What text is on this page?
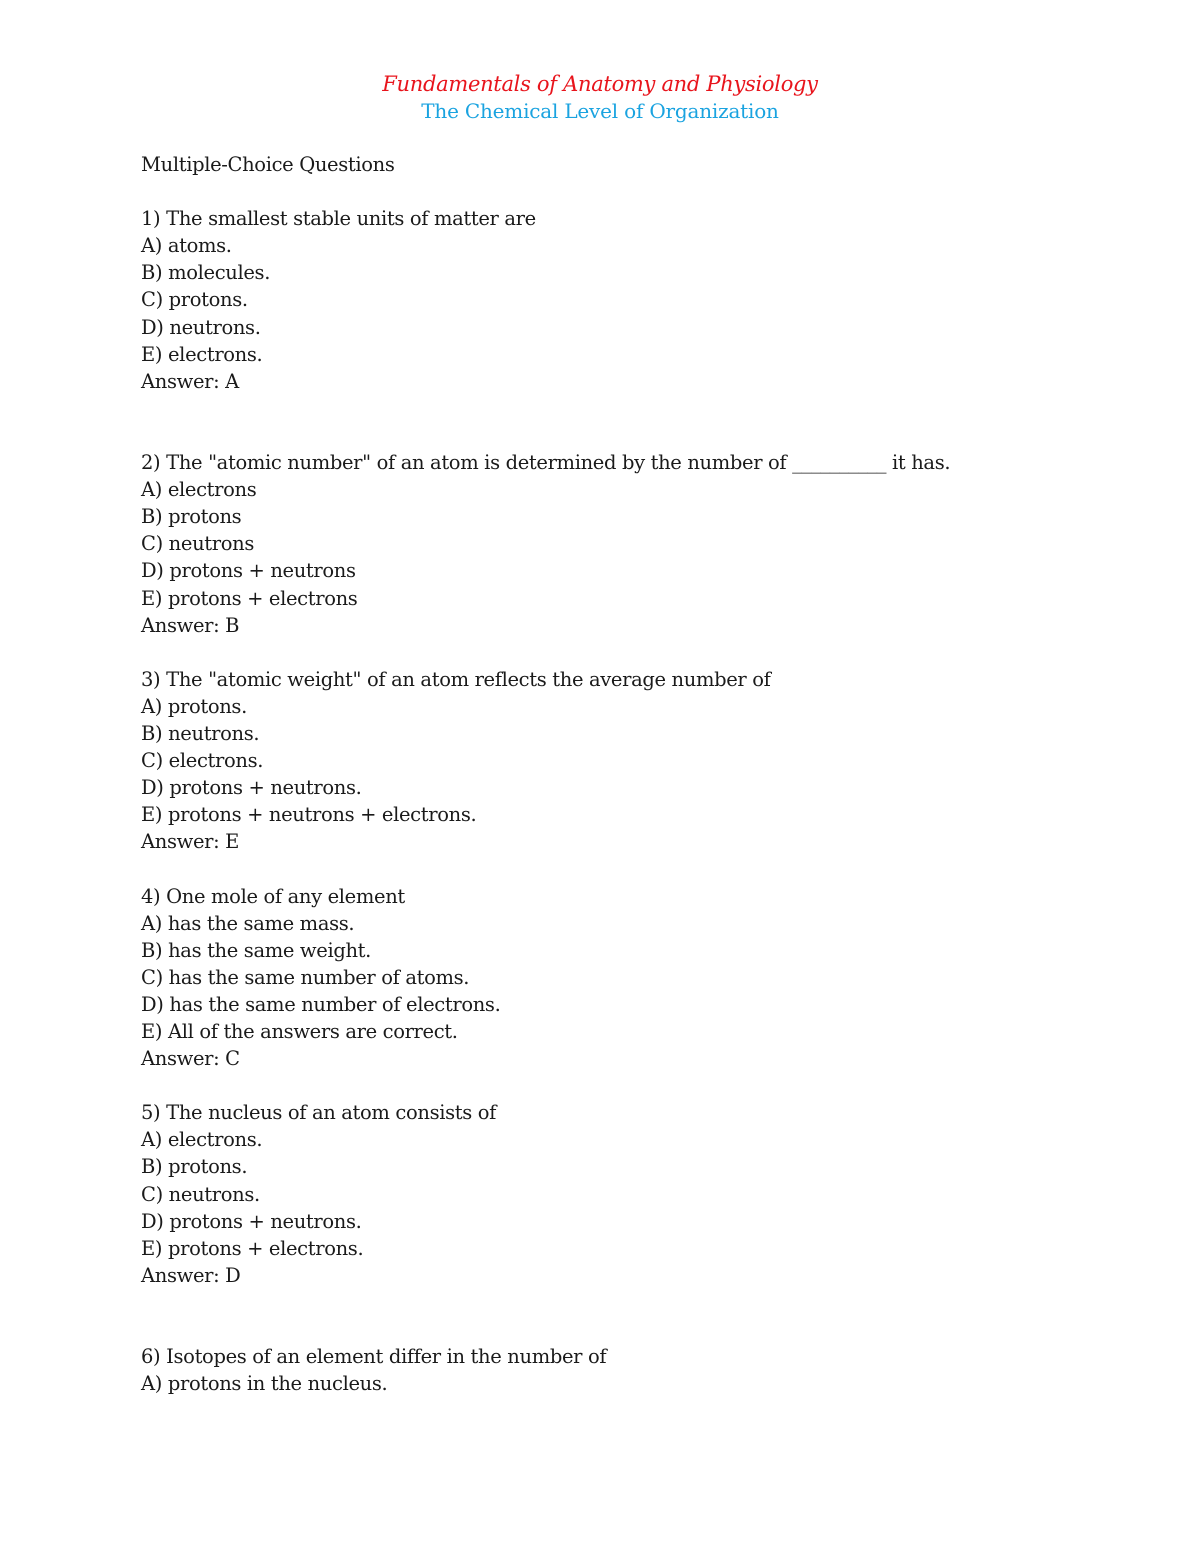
Fundamentals of Anatomy and Physiology
The Chemical Level of Organization
Multiple-Choice Questions
1) The smallest stable units of matter are
A) atoms.
B) molecules.
C) protons.
D) neutrons.
E) electrons.
Answer: A
2) The "atomic number" of an atom is determined by the number of __________ it has.
A) electrons
B) protons
C) neutrons
D) protons + neutrons
E) protons + electrons
Answer: B
3) The "atomic weight" of an atom reflects the average number of
A) protons.
B) neutrons.
C) electrons.
D) protons + neutrons.
E) protons + neutrons + electrons.
Answer: E
4) One mole of any element
A) has the same mass.
B) has the same weight.
C) has the same number of atoms.
D) has the same number of electrons.
E) All of the answers are correct.
Answer: C
5) The nucleus of an atom consists of
A) electrons.
B) protons.
C) neutrons.
D) protons + neutrons.
E) protons + electrons.
Answer: D
6) Isotopes of an element differ in the number of
A) protons in the nucleus.
